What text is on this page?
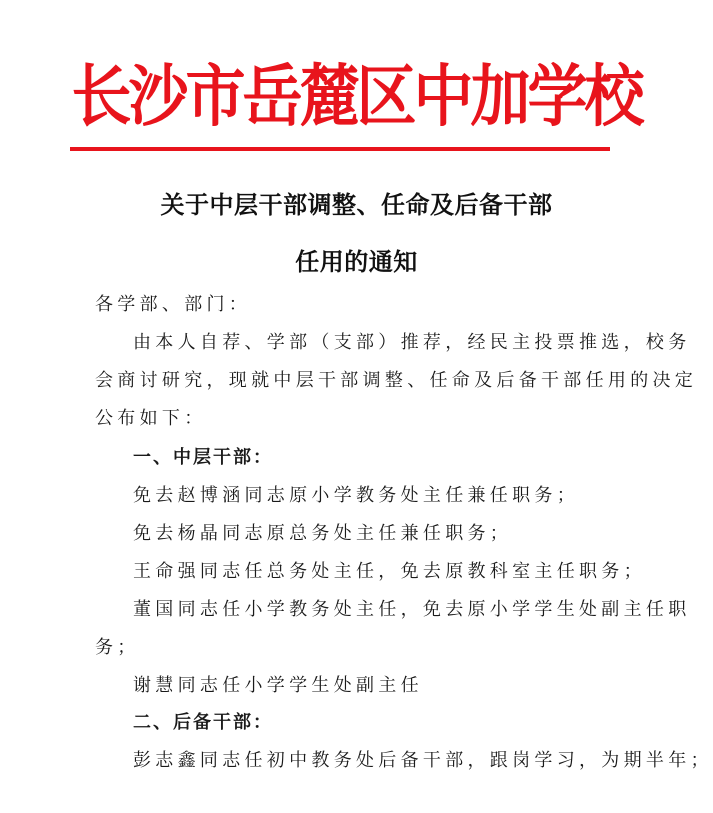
长沙市岳麓区中加学校
关于中层干部调整、任命及后备干部
任用的通知
各学部、部门：
由本人自荐、学部（支部）推荐，经民主投票推选，校务
会商讨研究，现就中层干部调整、任命及后备干部任用的决定
公布如下：
一、中层干部：
免去赵博涵同志原小学教务处主任兼任职务；
免去杨晶同志原总务处主任兼任职务；
王命强同志任总务处主任，免去原教科室主任职务；
董国同志任小学教务处主任，免去原小学学生处副主任职
务；
谢慧同志任小学学生处副主任
二、后备干部：
彭志鑫同志任初中教务处后备干部，跟岗学习，为期半年；
